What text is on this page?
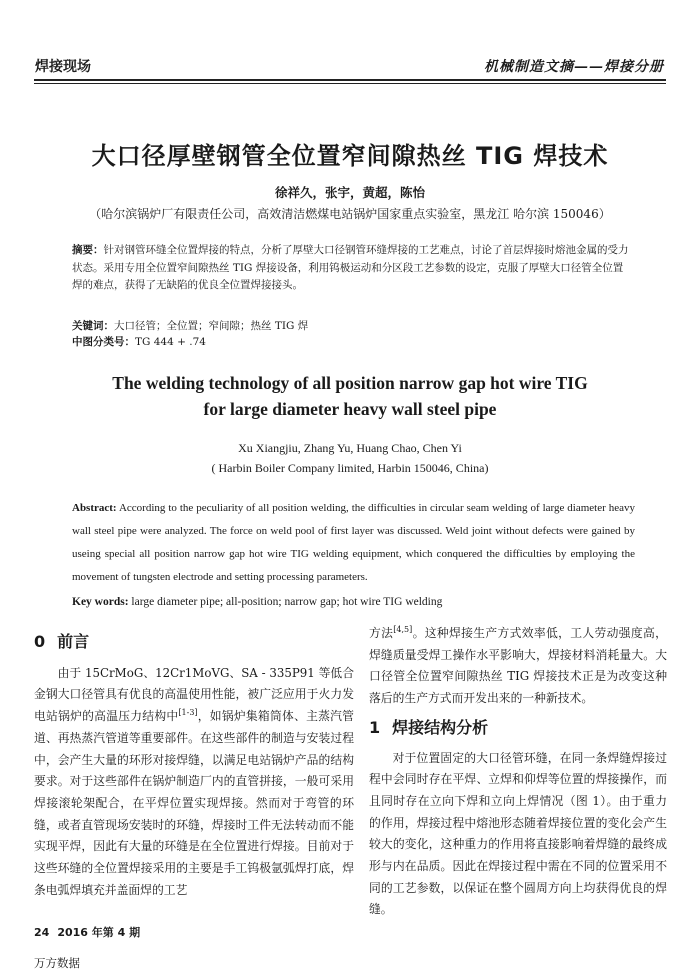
焊接现场	机械制造文摘——焊接分册
大口径厚壁钢管全位置窄间隙热丝 TIG 焊技术
徐祥久，张宇，黄超，陈怡
（哈尔滨锅炉厂有限责任公司，高效清洁燃煤电站锅炉国家重点实验室，黑龙江 哈尔滨 150046）
摘要：针对钢管环缝全位置焊接的特点，分析了厚壁大口径钢管环缝焊接的工艺难点，讨论了首层焊接时熔池金属的受力状态。采用专用全位置窄间隙热丝 TIG 焊接设备，利用钨极运动和分区段工艺参数的设定，克服了厚壁大口径管全位置焊的难点，获得了无缺陷的优良全位置焊接接头。
关键词：大口径管；全位置；窄间隙；热丝 TIG 焊
中图分类号：TG 444 + .74
The welding technology of all position narrow gap hot wire TIG
for large diameter heavy wall steel pipe
Xu Xiangjiu, Zhang Yu, Huang Chao, Chen Yi
( Harbin Boiler Company limited, Harbin 150046, China)
Abstract: According to the peculiarity of all position welding, the difficulties in circular seam welding of large diameter heavy wall steel pipe were analyzed. The force on weld pool of first layer was discussed. Weld joint without defects were gained by useing special all position narrow gap hot wire TIG welding equipment, which conquered the difficulties by employing the movement of tungsten electrode and setting processing parameters.
Key words: large diameter pipe; all-position; narrow gap; hot wire TIG welding
0 前言

由于 15CrMoG、12Cr1MoVG、SA - 335P91 等低合金钢大口径管具有优良的高温使用性能，被广泛应用于火力发电站锅炉的高温压力结构中[1-3]，如锅炉集箱筒体、主蒸汽管道、再热蒸汽管道等重要部件。在这些部件的制造与安装过程中，会产生大量的环形对接焊缝，以满足电站锅炉产品的结构要求。对于这些部件在锅炉制造厂内的直管拼接，一般可采用焊接滚轮架配合，在平焊位置实现焊接。然而对于弯管的环缝，或者直管现场安装时的环缝，焊接时工件无法转动而不能实现平焊，因此有大量的环缝是在全位置进行焊接。目前对于这些环缝的全位置焊接采用的主要是手工钨极氩弧焊打底，焊条电弧焊填充并盖面焊的工艺

方法[4,5]。这种焊接生产方式效率低，工人劳动强度高，焊缝质量受焊工操作水平影响大，焊接材料消耗量大。大口径管全位置窄间隙热丝 TIG 焊接技术正是为改变这种落后的生产方式而开发出来的一种新技术。

1 焊接结构分析

对于位置固定的大口径管环缝，在同一条焊缝焊接过程中会同时存在平焊、立焊和仰焊等位置的焊接操作，而且同时存在立向下焊和立向上焊情况（图 1）。由于重力的作用，焊接过程中熔池形态随着焊接位置的变化会产生较大的变化，这种重力的作用将直接影响着焊缝的最终成形与内在品质。因此在焊接过程中需在不同的位置采用不同的工艺参数，以保证在整个圆周方向上均获得优良的焊缝。

24 2016 年第 4 期
万方数据
